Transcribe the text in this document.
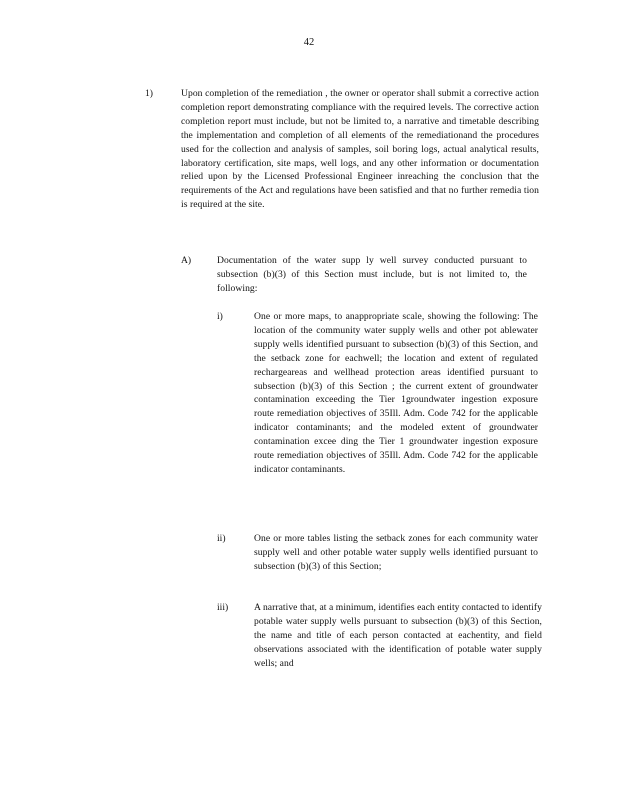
42
1)	Upon completion of the remediation , the owner or operator shall submit a corrective action completion report demonstrating compliance with the required levels. The corrective action completion report must include, but not be limited to, a narrative and timetable describing the implementation and completion of all elements of the remediationand the procedures used for the collection and analysis of samples, soil boring logs, actual analytical results, laboratory certification, site maps, well logs, and any other information or documentation relied upon by the Licensed Professional Engineer inreaching the conclusion that the requirements of the Act and regulations have been satisfied and that no further remedia tion is required at the site.
A)	Documentation of the water supp ly well survey conducted pursuant to subsection (b)(3) of this Section must include, but is not limited to, the following:
i)	One or more maps, to anappropriate scale, showing the following: The location of the community water supply wells and other pot ablewater supply wells identified pursuant to subsection (b)(3) of this Section, and the setback zone for eachwell; the location and extent of regulated rechargeareas and wellhead protection areas identified pursuant to subsection (b)(3) of this Section ; the current extent of groundwater contamination exceeding the Tier 1groundwater ingestion exposure route remediation objectives of 35Ill. Adm. Code 742 for the applicable indicator contaminants; and the modeled extent of groundwater contamination excee ding the Tier 1 groundwater ingestion exposure route remediation objectives of 35Ill. Adm. Code 742 for the applicable indicator contaminants.
ii)	One or more tables listing the setback zones for each community water supply well and other potable water supply wells identified pursuant to subsection (b)(3) of this Section;
iii)	A narrative that, at a minimum, identifies each entity contacted to identify potable water supply wells pursuant to subsection (b)(3) of this Section, the name and title of each person contacted at eachentity, and field observations associated with the identification of potable water supply wells; and
